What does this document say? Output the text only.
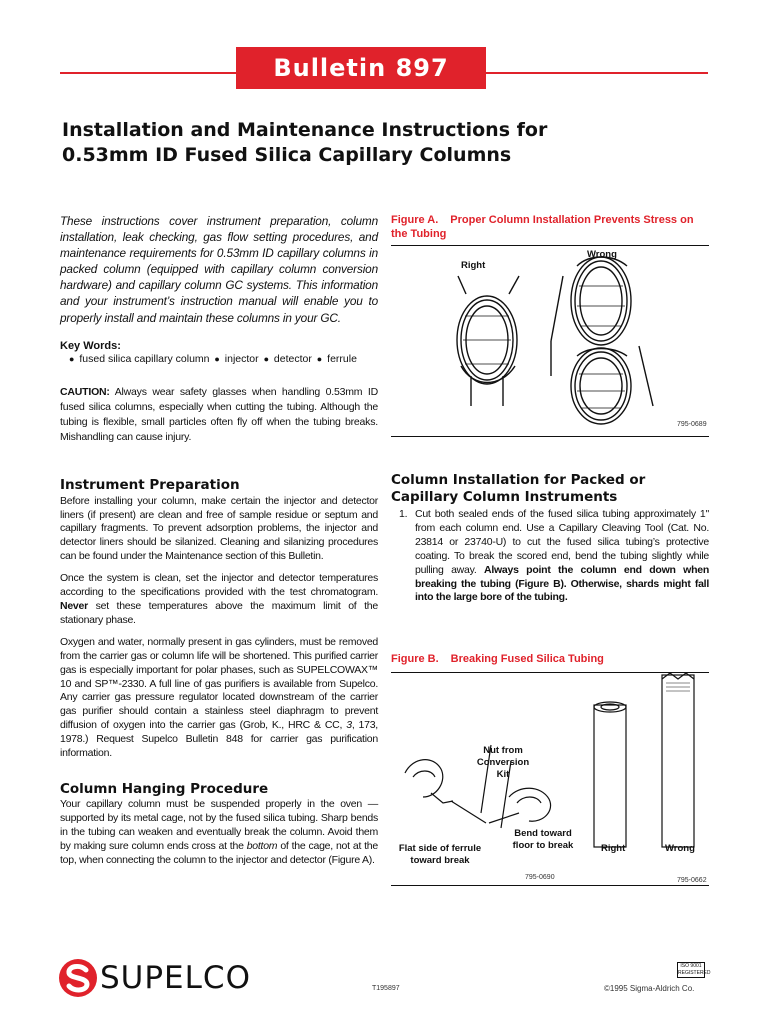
Bulletin 897
Installation and Maintenance Instructions for
0.53mm ID Fused Silica Capillary Columns

These instructions cover instrument preparation, column installation, leak checking, gas flow setting procedures, and maintenance requirements for 0.53mm ID capillary columns in packed column (equipped with capillary column conversion hardware) and capillary column GC systems. This information and your instrument’s instruction manual will enable you to properly install and maintain these columns in your GC.

Key Words:
● fused silica capillary column ● injector ● detector ● ferrule

CAUTION: Always wear safety glasses when handling 0.53mm ID fused silica columns, especially when cutting the tubing. Although the tubing is flexible, small particles often fly off when the tubing breaks. Mishandling can cause injury.

Instrument Preparation

Before installing your column, make certain the injector and detector liners (if present) are clean and free of sample residue or septum and capillary fragments. To prevent adsorption problems, the injector and detector liners should be silanized. Cleaning and silanizing procedures can be found under the Maintenance section of this Bulletin.

Once the system is clean, set the injector and detector temperatures according to the specifications provided with the test chromatogram. Never set these temperatures above the maximum limit of the stationary phase.

Oxygen and water, normally present in gas cylinders, must be removed from the carrier gas or column life will be shortened. This purified carrier gas is especially important for polar phases, such as SUPELCOWAX™ 10 and SP™-2330. A full line of gas purifiers is available from Supelco. Any carrier gas pressure regulator located downstream of the carrier gas purifier should contain a stainless steel diaphragm to prevent diffusion of oxygen into the carrier gas (Grob, K., HRC & CC, 3, 173, 1978.) Request Supelco Bulletin 848 for carrier gas purification information.

Column Hanging Procedure

Your capillary column must be suspended properly in the oven — supported by its metal cage, not by the fused silica tubing. Sharp bends in the tubing can weaken and eventually break the column. Avoid them by making sure column ends cross at the bottom of the cage, not at the top, when connecting the column to the injector and detector (Figure A).

Figure A. Proper Column Installation Prevents Stress on the Tubing
Right
Wrong
795-0689
Column Installation for Packed or Capillary Column Instruments
1. Cut both sealed ends of the fused silica tubing approximately 1" from each column end. Use a Capillary Cleaving Tool (Cat. No. 23814 or 23740-U) to cut the fused silica tubing’s protective coating. To break the scored end, bend the tubing slightly while pulling away. Always point the column end down when breaking the tubing (Figure B). Otherwise, shards might fall into the large bore of the tubing.

Figure B. Breaking Fused Silica Tubing
Nut from Conversion Kit
Bend toward floor to break
Flat side of ferrule toward break
Right	Wrong
795-0690	795-0662
SUPELCO	T195897
ISO 9001 REGISTERED
©1995 Sigma-Aldrich Co.
